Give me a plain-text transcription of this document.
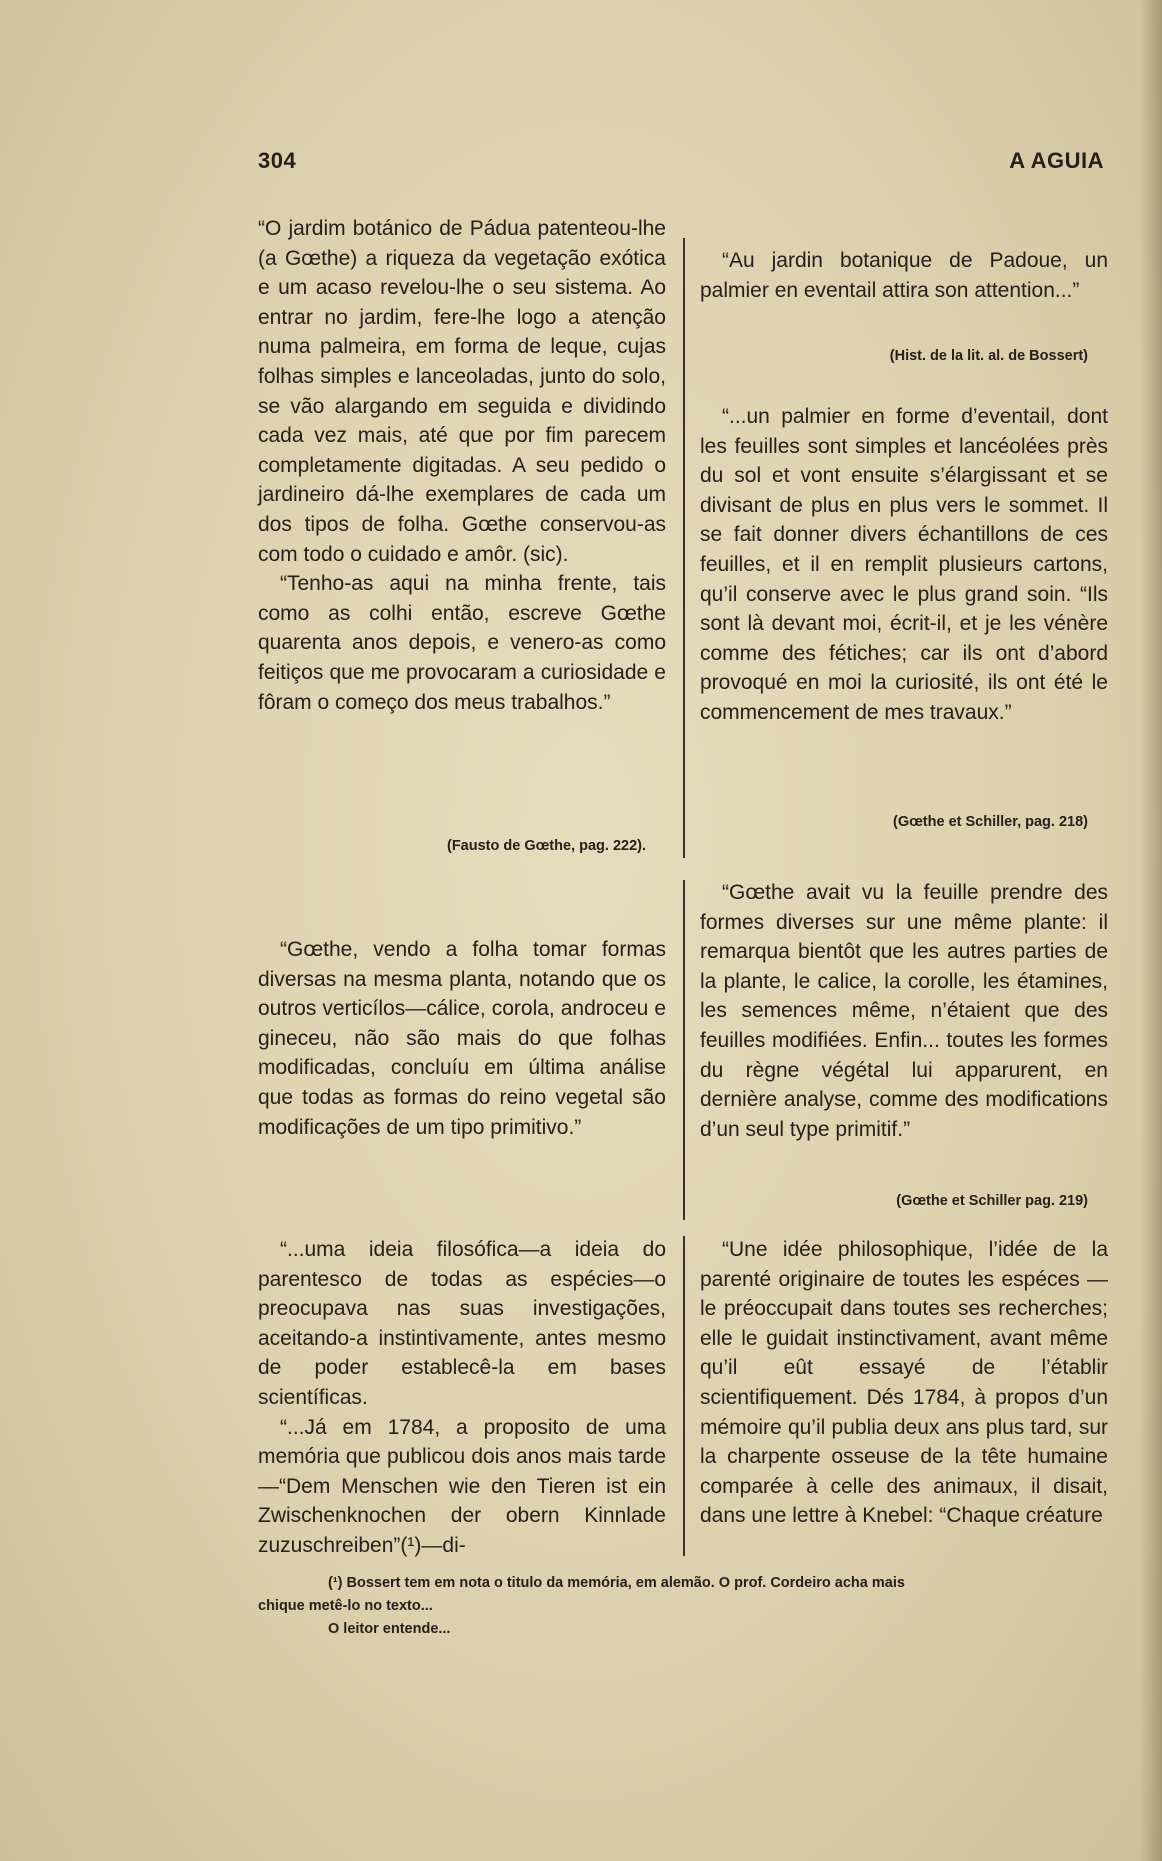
304	A AGUIA

“O jardim botánico de Pádua patenteou-lhe (a Gœthe) a riqueza da vegetação exótica e um acaso revelou-lhe o seu sistema. Ao entrar no jardim, fere-lhe logo a atenção numa palmeira, em forma de leque, cujas folhas simples e lanceoladas, junto do solo, se vão alargando em seguida e dividindo cada vez mais, até que por fim parecem completamente digitadas. A seu pedido o jardineiro dá-lhe exemplares de cada um dos tipos de folha. Gœthe conservou-as com todo o cuidado e amôr. (sic).

“Tenho-as aqui na minha frente, tais como as colhi então, escreve Gœthe quarenta anos depois, e venero-as como feitiços que me provocaram a curiosidade e fôram o começo dos meus trabalhos.”

(Fausto de Gœthe, pag. 222).

“Gœthe, vendo a folha tomar formas diversas na mesma planta, notando que os outros verticílos—cálice, corola, androceu e gineceu, não são mais do que folhas modificadas, concluíu em última análise que todas as formas do reino vegetal são modificações de um tipo primitivo.”

“...uma ideia filosófica—a ideia do parentesco de todas as espécies—o preocupava nas suas investigações, aceitando-a instintivamente, antes mesmo de poder establecê-la em bases scientíficas.

“...Já em 1784, a proposito de uma memória que publicou dois anos mais tarde—“Dem Menschen wie den Tieren ist ein Zwischenknochen der obern Kinnlade zuzuschreiben”(¹)—di-

“Au jardin botanique de Padoue, un palmier en eventail attira son attention...”

(Hist. de la lit. al. de Bossert)

“...un palmier en forme d’eventail, dont les feuilles sont simples et lancéolées près du sol et vont ensuite s’élargissant et se divisant de plus en plus vers le sommet. Il se fait donner divers échantillons de ces feuilles, et il en remplit plusieurs cartons, qu’il conserve avec le plus grand soin. “Ils sont là devant moi, écrit-il, et je les vénère comme des fétiches; car ils ont d’abord provoqué en moi la curiosité, ils ont été le commencement de mes travaux.”

(Gœthe et Schiller, pag. 218)

“Gœthe avait vu la feuille prendre des formes diverses sur une même plante: il remarqua bientôt que les autres parties de la plante, le calice, la corolle, les étamines, les semences même, n’étaient que des feuilles modifiées. Enfin... toutes les formes du règne végétal lui apparurent, en dernière analyse, comme des modifications d’un seul type primitif.”

(Gœthe et Schiller pag. 219)

“Une idée philosophique, l’idée de la parenté originaire de toutes les espéces — le préoccupait dans toutes ses recherches; elle le guidait instinctivament, avant même qu’il eût essayé de l’établir scientifiquement. Dés 1784, à propos d’un mémoire qu’il publia deux ans plus tard, sur la charpente osseuse de la tête humaine comparée à celle des animaux, il disait, dans une lettre à Knebel: “Chaque créature

(¹) Bossert tem em nota o titulo da memória, em alemão. O prof. Cordeiro acha mais
chique metê-lo no texto...
O leitor entende...
